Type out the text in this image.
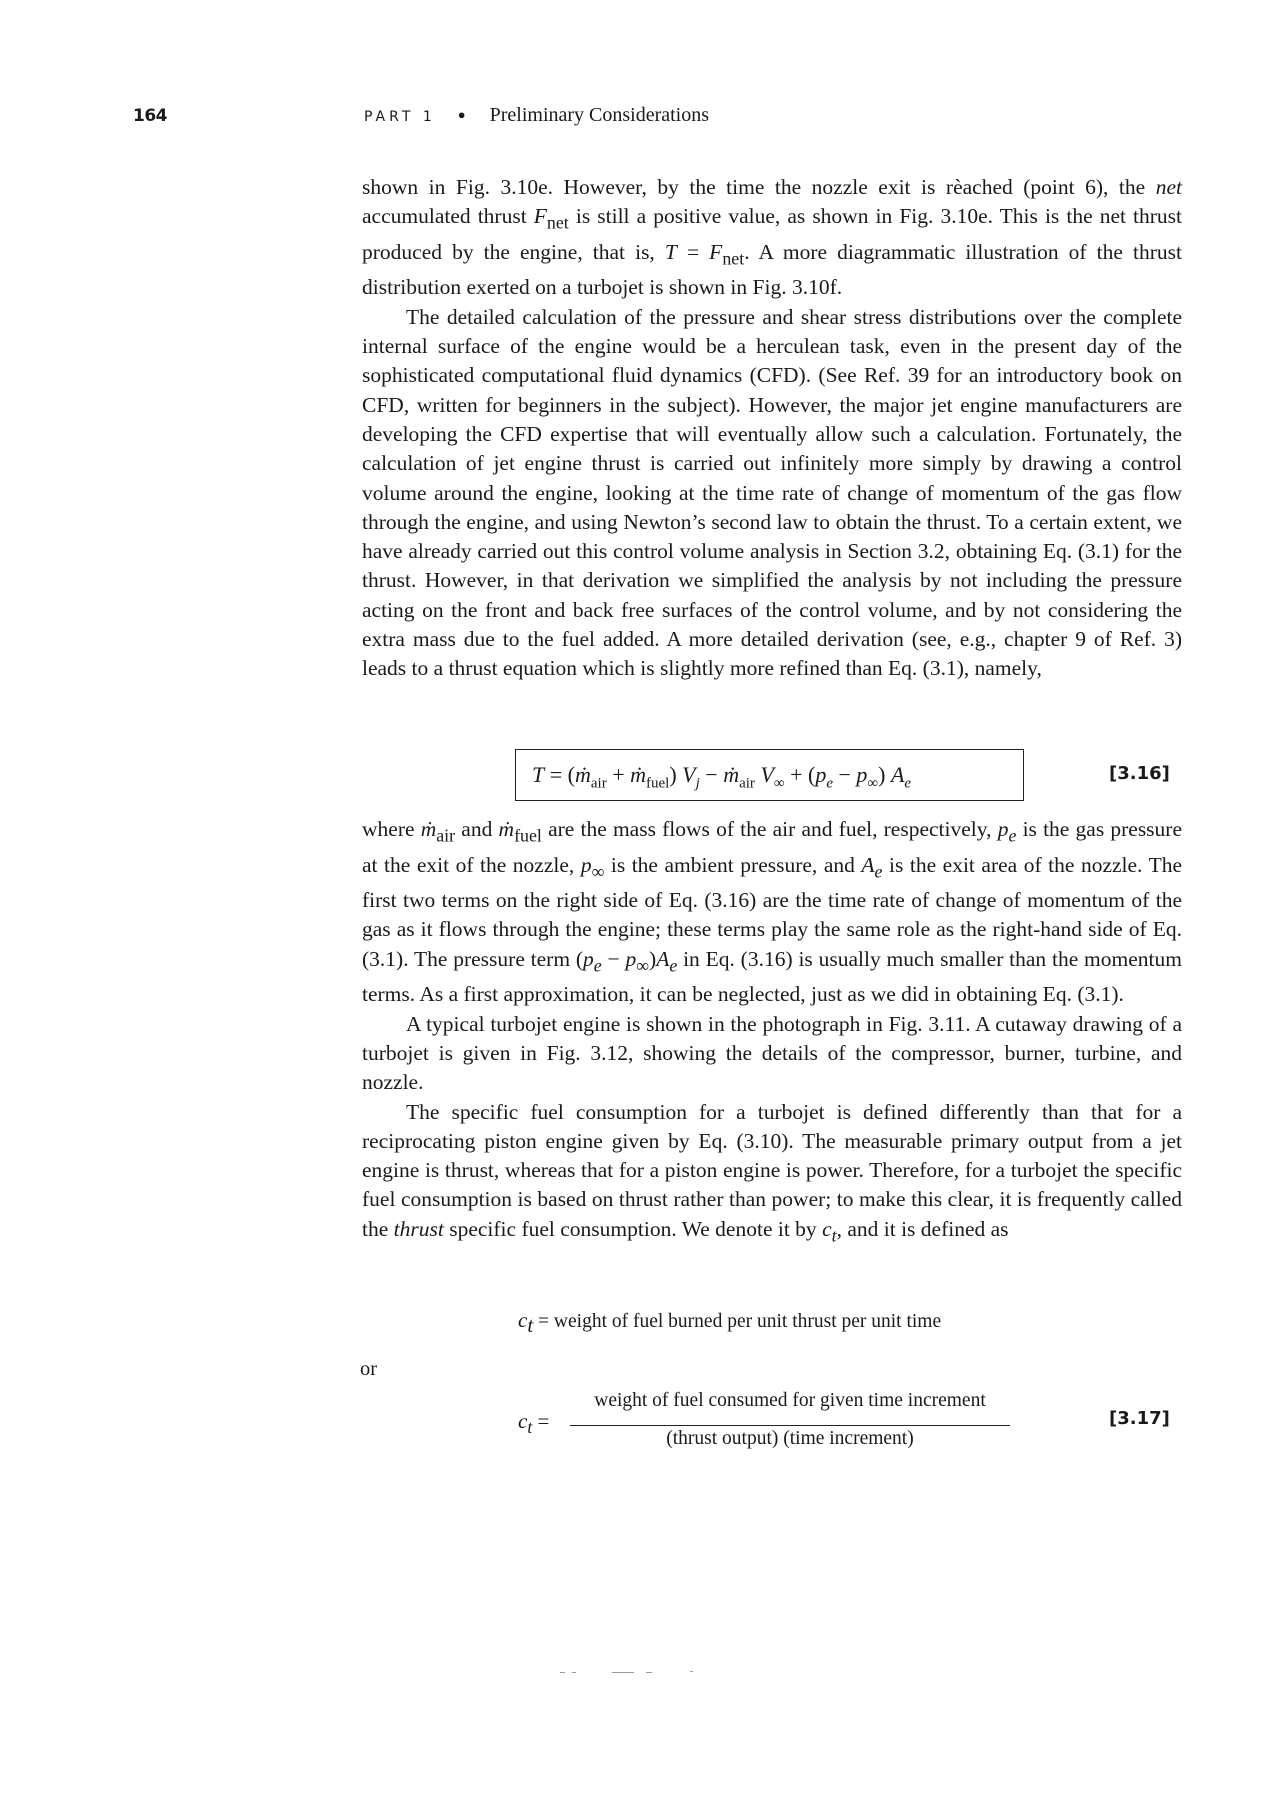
164	PART 1 ● Preliminary Considerations

shown in Fig. 3.10e. However, by the time the nozzle exit is rèached (point 6), the net accumulated thrust $F_{net}$ is still a positive value, as shown in Fig. 3.10e. This is the net thrust produced by the engine, that is, $T = F_{net}$. A more diagrammatic illustration of the thrust distribution exerted on a turbojet is shown in Fig. 3.10f.

The detailed calculation of the pressure and shear stress distributions over the complete internal surface of the engine would be a herculean task, even in the present day of the sophisticated computational fluid dynamics (CFD). (See Ref. 39 for an introductory book on CFD, written for beginners in the subject). However, the major jet engine manufacturers are developing the CFD expertise that will eventually allow such a calculation. Fortunately, the calculation of jet engine thrust is carried out infinitely more simply by drawing a control volume around the engine, looking at the time rate of change of momentum of the gas flow through the engine, and using Newton’s second law to obtain the thrust. To a certain extent, we have already carried out this control volume analysis in Section 3.2, obtaining Eq. (3.1) for the thrust. However, in that derivation we simplified the analysis by not including the pressure acting on the front and back free surfaces of the control volume, and by not considering the extra mass due to the fuel added. A more detailed derivation (see, e.g., chapter 9 of Ref. 3) leads to a thrust equation which is slightly more refined than Eq. (3.1), namely,

T = (ṁ$_{air}$ + ṁ$_{fuel}$) $V_j$ − ṁ$_{air}$ $V_\infty + (p_e - p_\infty)$ $A_e$	[3.16]

where ṁ$_{air}$ and ṁ$_{fuel}$ are the mass flows of the air and fuel, respectively, $p_e$ is the gas pressure at the exit of the nozzle, $p_\infty$ is the ambient pressure, and $A_e$ is the exit area of the nozzle. The first two terms on the right side of Eq. (3.16) are the time rate of change of momentum of the gas as it flows through the engine; these terms play the same role as the right-hand side of Eq. (3.1). The pressure term $(p_e - p_\infty)A_e$ in Eq. (3.16) is usually much smaller than the momentum terms. As a first approximation, it can be neglected, just as we did in obtaining Eq. (3.1).

A typical turbojet engine is shown in the photograph in Fig. 3.11. A cutaway drawing of a turbojet is given in Fig. 3.12, showing the details of the compressor, burner, turbine, and nozzle.

The specific fuel consumption for a turbojet is defined differently than that for a reciprocating piston engine given by Eq. (3.10). The measurable primary output from a jet engine is thrust, whereas that for a piston engine is power. Therefore, for a turbojet the specific fuel consumption is based on thrust rather than power; to make this clear, it is frequently called the thrust specific fuel consumption. We denote it by $c_t$, and it is defined as

$c_t$ = weight of fuel burned per unit thrust per unit time
or
$c_t$ =
weight of fuel consumed for given time increment
(thrust output) (time increment)
[3.17]
